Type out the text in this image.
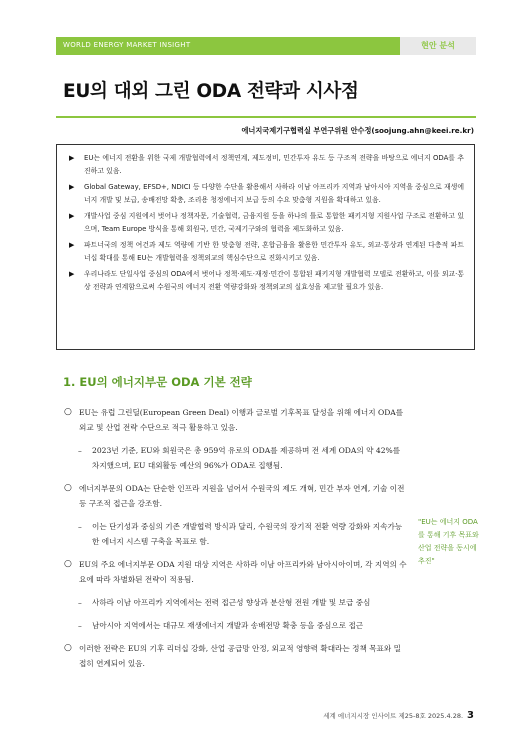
WORLD ENERGY MARKET INSIGHT	현안 분석
EU의 대외 그린 ODA 전략과 시사점
에너지국제기구협력실 부연구위원 안수정(soojung.ahn@keei.re.kr)
▶ EU는 에너지 전환을 위한 국제 개발협력에서 정책연계, 제도정비, 민간투자 유도 등 구조적 전략을 바탕으로 에너지 ODA를 추진하고 있음.
▶ Global Gateway, EFSD+, NDICI 등 다양한 수단을 활용해서 사하라 이남 아프리카 지역과 남아시아 지역을 중심으로 재생에너지 개발 및 보급, 송배전망 확충, 조리용 청정에너지 보급 등의 수요 맞춤형 지원을 확대하고 있음.
▶ 개발사업 중심 지원에서 벗어나 정책자문, 기술협력, 금융지원 등을 하나의 틀로 통합한 패키지형 지원사업 구조로 전환하고 있으며, Team Europe 방식을 통해 회원국, 민간, 국제기구와의 협력을 제도화하고 있음.
▶ 파트너국의 정책 여건과 제도 역량에 기반 한 맞춤형 전략, 혼합금융을 활용한 민간투자 유도, 외교·통상과 연계된 다층적 파트너십 확대를 통해 EU는 개발협력을 정책외교의 핵심수단으로 진화시키고 있음.
▶ 우리나라도 단일사업 중심의 ODA에서 벗어나 정책·제도·재정·민간이 통합된 패키지형 개발협력 모델로 전환하고, 이를 외교·통상 전략과 연계함으로써 수원국의 에너지 전환 역량강화와 정책외교의 실효성을 제고할 필요가 있음.
1. EU의 에너지부문 ODA 기본 전략
○ EU는 유럽 그린딜(European Green Deal) 이행과 글로벌 기후목표 달성을 위해 에너지 ODA를 외교 및 산업 전략 수단으로 적극 활용하고 있음.
– 2023년 기준, EU와 회원국은 총 959억 유로의 ODA를 제공하며 전 세계 ODA의 약 42%를 차지했으며, EU 대외활동 예산의 96%가 ODA로 집행됨.
○ 에너지부문의 ODA는 단순한 인프라 지원을 넘어서 수원국의 제도 개혁, 민간 부자 연계, 기술 이전 등 구조적 접근을 강조함.
– 이는 단기성과 중심의 기존 개발협력 방식과 달리, 수원국의 장기적 전환 역량 강화와 지속가능한 에너지 시스템 구축을 목표로 함.
○ EU의 주요 에너지부문 ODA 지원 대상 지역은 사하라 이남 아프리카와 남아시아이며, 각 지역의 수요에 따라 차별화된 전략이 적용됨.
– 사하라 이남 아프리카 지역에서는 전력 접근성 향상과 분산형 전원 개발 및 보급 중심
– 남아시아 지역에서는 대규모 재생에너지 개발과 송배전망 확충 등을 중심으로 접근
○ 이러한 전략은 EU의 기후 리더십 강화, 산업 공급망 안정, 외교적 영향력 확대라는 정책 목표와 밀접히 연계되어 있음.
"EU는 에너지 ODA를 통해 기후 목표와 산업 전략을 동시에 추진"
세계 에너지시장 인사이트 제25-8호 2025.4.28. 3
